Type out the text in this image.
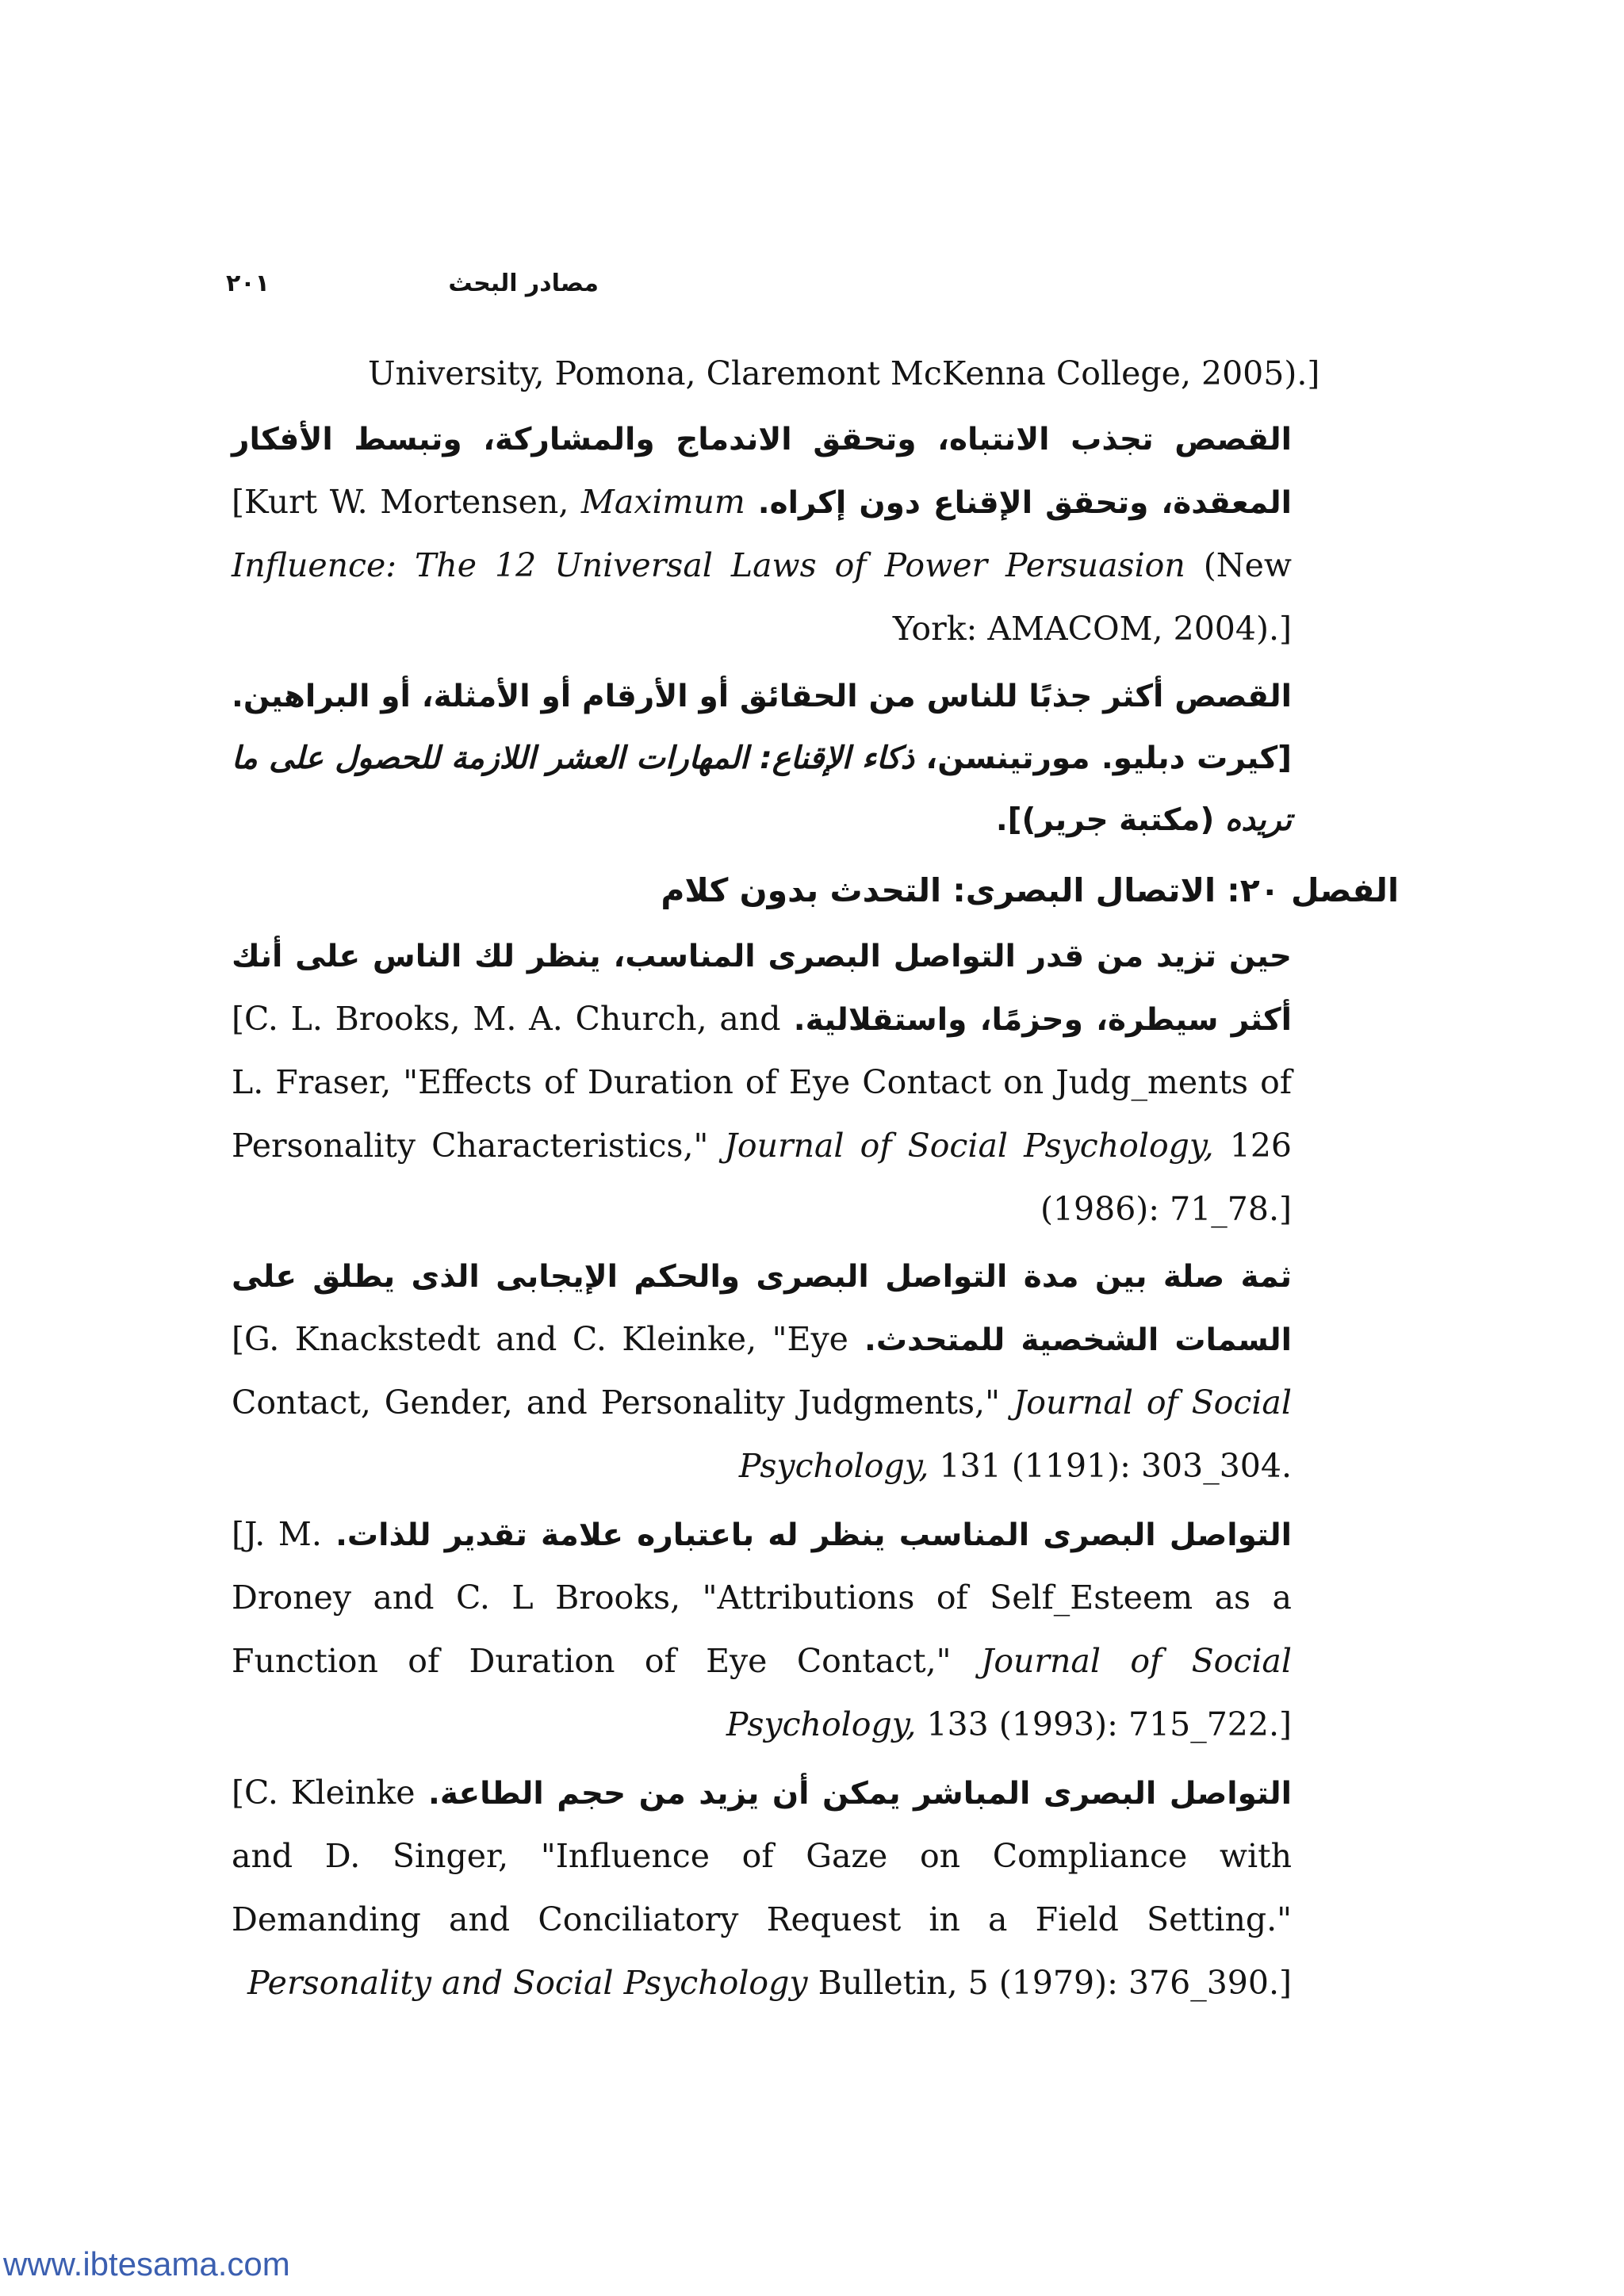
مصادر البحث
٢٠١
University, Pomona, Claremont McKenna College, 2005).]
القصص تجذب الانتباه، وتحقق الاندماج والمشاركة، وتبسط الأفكار المعقدة، وتحقق الإقناع دون إكراه. [Kurt W. Mortensen, Maximum Influence: The 12 Universal Laws of Power Persuasion (New York: AMACOM, 2004).]
القصص أكثر جذبًا للناس من الحقائق أو الأرقام أو الأمثلة، أو البراهين. [كيرت دبليو. مورتينسن، ذكاء الإقناع: المهارات العشر اللازمة للحصول على ما تريده (مكتبة جرير)].
الفصل ٢٠: الاتصال البصرى: التحدث بدون كلام
حين تزيد من قدر التواصل البصرى المناسب، ينظر لك الناس على أنك أكثر سيطرة، وحزمًا، واستقلالية. [C. L. Brooks, M. A. Church, and L. Fraser, "Effects of Duration of Eye Contact on Judg_ments of Personality Characteristics," Journal of Social Psychology, 126 (1986): 71_78.]
ثمة صلة بين مدة التواصل البصرى والحكم الإيجابى الذى يطلق على السمات الشخصية للمتحدث. [G. Knackstedt and C. Kleinke, "Eye Contact, Gender, and Personality Judgments," Journal of Social Psychology, 131 (1191): 303_304.
التواصل البصرى المناسب ينظر له باعتباره علامة تقدير للذات. [J. M. Droney and C. L Brooks, "Attributions of Self_Esteem as a Function of Duration of Eye Contact," Journal of Social Psychology, 133 (1993): 715_722.]
التواصل البصرى المباشر يمكن أن يزيد من حجم الطاعة. [C. Kleinke and D. Singer, "Influence of Gaze on Compliance with Demanding and Conciliatory Request in a Field Setting." Personality and Social Psychology Bulletin, 5 (1979): 376_390.]
www.ibtesama.com
